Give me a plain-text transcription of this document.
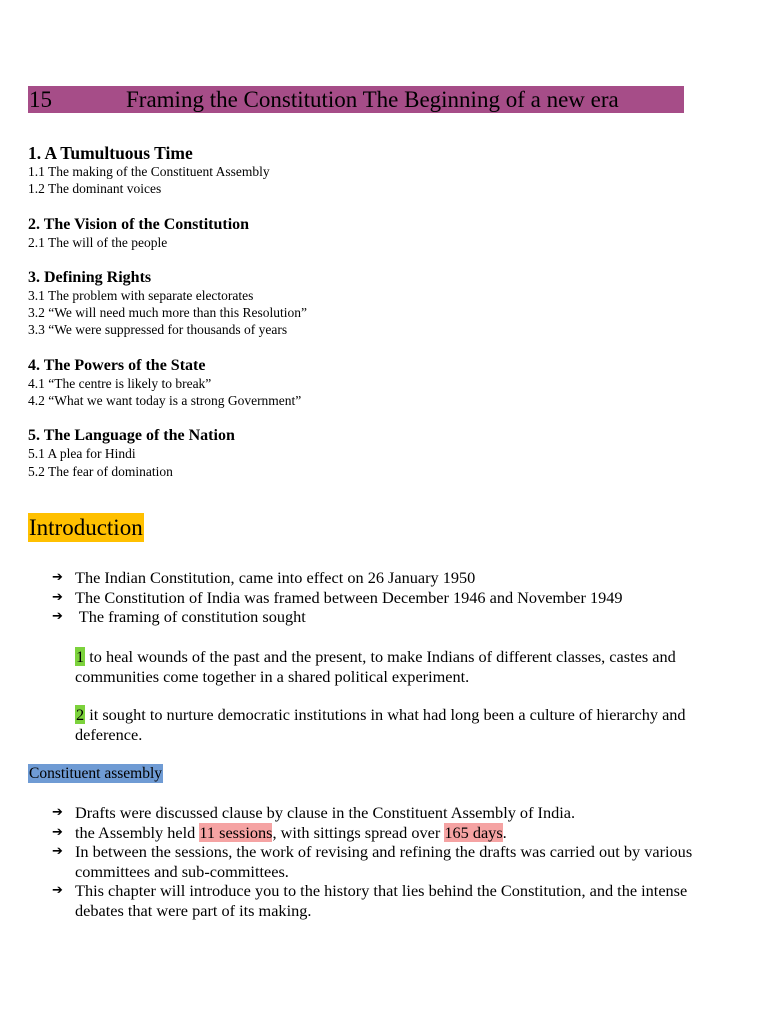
15	Framing the Constitution The Beginning of a new era
1. A Tumultuous Time
1.1 The making of the Constituent Assembly
1.2 The dominant voices
2. The Vision of the Constitution
2.1 The will of the people
3. Defining Rights
3.1 The problem with separate electorates
3.2 “We will need much more than this Resolution”
3.3 “We were suppressed for thousands of years
4. The Powers of the State
4.1 “The centre is likely to break”
4.2 “What we want today is a strong Government”
5. The Language of the Nation
5.1 A plea for Hindi
5.2 The fear of domination
Introduction
➔ The Indian Constitution, came into effect on 26 January 1950
➔ The Constitution of India was framed between December 1946 and November 1949
➔ The framing of constitution sought
1 to heal wounds of the past and the present, to make Indians of different classes, castes and communities come together in a shared political experiment.
2 it sought to nurture democratic institutions in what had long been a culture of hierarchy and deference.
Constituent assembly
➔ Drafts were discussed clause by clause in the Constituent Assembly of India.
➔ the Assembly held 11 sessions, with sittings spread over 165 days.
➔ In between the sessions, the work of revising and refining the drafts was carried out by various committees and sub-committees.
➔ This chapter will introduce you to the history that lies behind the Constitution, and the intense debates that were part of its making.
